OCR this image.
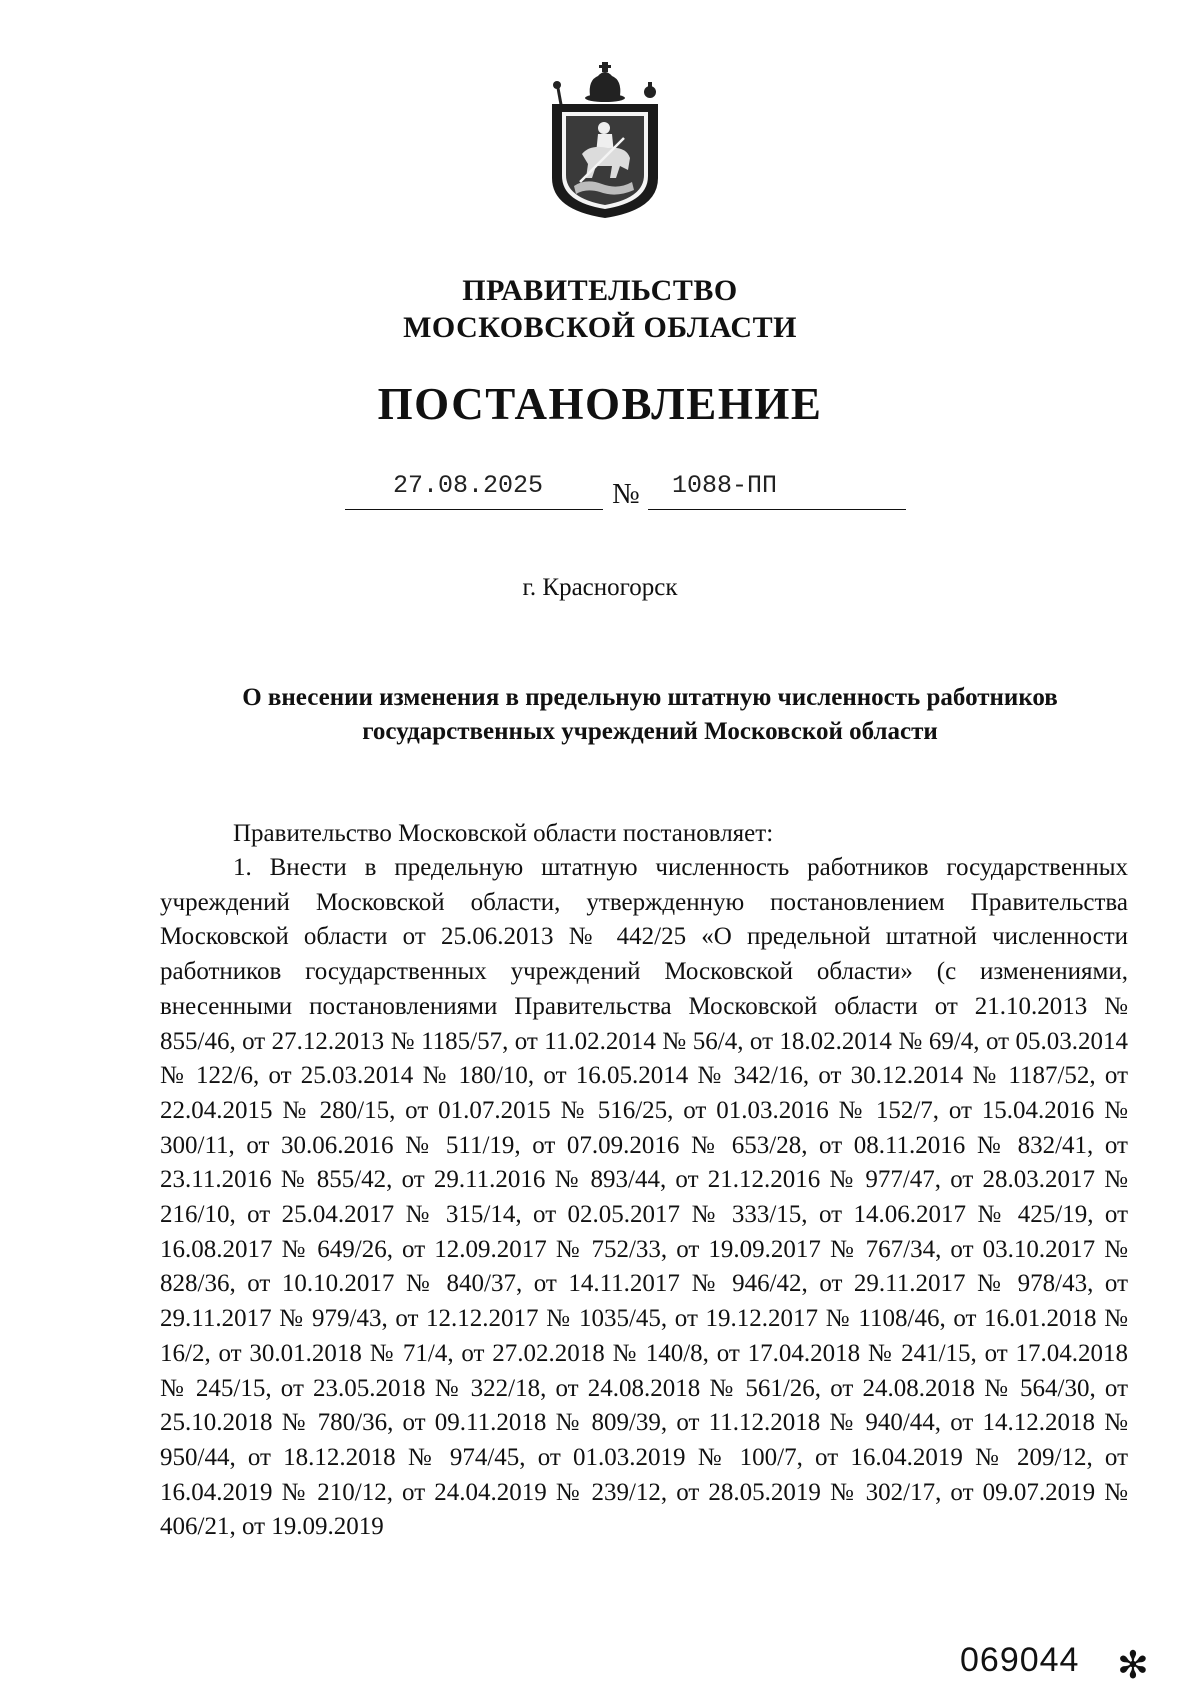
ПРАВИТЕЛЬСТВО
МОСКОВСКОЙ ОБЛАСТИ
ПОСТАНОВЛЕНИЕ
27.08.2025 № 1088-ПП
г. Красногорск
О внесении изменения в предельную штатную численность работников
государственных учреждений Московской области

Правительство Московской области постановляет:

1. Внести в предельную штатную численность работников государственных учреждений Московской области, утвержденную постановлением Правительства Московской области от 25.06.2013 № 442/25 «О предельной штатной численности работников государственных учреждений Московской области» (с изменениями, внесенными постановлениями Правительства Московской области от 21.10.2013 № 855/46, от 27.12.2013 № 1185/57, от 11.02.2014 № 56/4, от 18.02.2014 № 69/4, от 05.03.2014 № 122/6, от 25.03.2014 № 180/10, от 16.05.2014 № 342/16, от 30.12.2014 № 1187/52, от 22.04.2015 № 280/15, от 01.07.2015 № 516/25, от 01.03.2016 № 152/7, от 15.04.2016 № 300/11, от 30.06.2016 № 511/19, от 07.09.2016 № 653/28, от 08.11.2016 № 832/41, от 23.11.2016 № 855/42, от 29.11.2016 № 893/44, от 21.12.2016 № 977/47, от 28.03.2017 № 216/10, от 25.04.2017 № 315/14, от 02.05.2017 № 333/15, от 14.06.2017 № 425/19, от 16.08.2017 № 649/26, от 12.09.2017 № 752/33, от 19.09.2017 № 767/34, от 03.10.2017 № 828/36, от 10.10.2017 № 840/37, от 14.11.2017 № 946/42, от 29.11.2017 № 978/43, от 29.11.2017 № 979/43, от 12.12.2017 № 1035/45, от 19.12.2017 № 1108/46, от 16.01.2018 № 16/2, от 30.01.2018 № 71/4, от 27.02.2018 № 140/8, от 17.04.2018 № 241/15, от 17.04.2018 № 245/15, от 23.05.2018 № 322/18, от 24.08.2018 № 561/26, от 24.08.2018 № 564/30, от 25.10.2018 № 780/36, от 09.11.2018 № 809/39, от 11.12.2018 № 940/44, от 14.12.2018 № 950/44, от 18.12.2018 № 974/45, от 01.03.2019 № 100/7, от 16.04.2019 № 209/12, от 16.04.2019 № 210/12, от 24.04.2019 № 239/12, от 28.05.2019 № 302/17, от 09.07.2019 № 406/21, от 19.09.2019

069044 ✻
